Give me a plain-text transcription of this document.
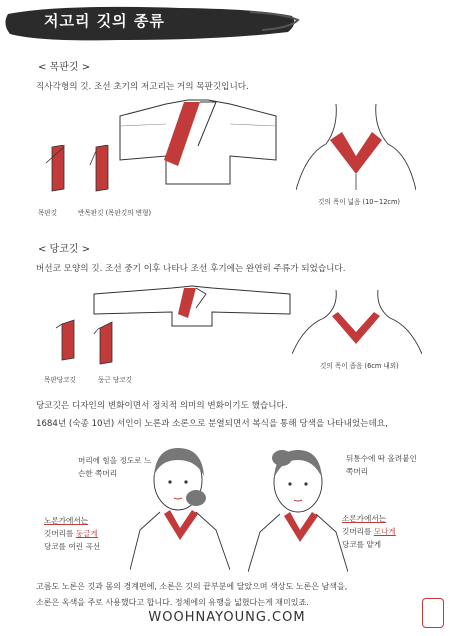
저고리 깃의 종류
< 목판깃 >
직사각형의 깃. 조선 초기의 저고리는 거의 목판깃입니다.
목판깃	반목판깃 (목판깃의 변형)
깃의 폭이 넓음 (10~12cm)
< 당코깃 >
버선코 모양의 깃. 조선 중기 이후 나타나 조선 후기에는 완연히 주류가 되었습니다.
목판당코깃	둥근 당코깃
깃의 폭이 좁음 (6cm 내외)
당코깃은 디자인의 변화이면서 정치적 의미의 변화이기도 했습니다.
1684년 (숙종 10년) 서인이 노론과 소론으로 분열되면서 복식을 통해 당색을 나타내었는데요,
머리에 힘을 정도로 느슨한 쪽머리
노론가에서는
깃머리를 둥글게
당코를 여린 곡선
뒤통수에 딱 올려붙인 쪽머리
소론가에서는
깃머리를 모나게
당코를 얕게
고름도 노론은 깃과 몸의 경계편에, 소론은 깃의 끝부분에 달았으며 색상도 노론은 남색을,
소론은 옥색을 주로 사용했다고 합니다. 정체에의 유행을 넓혔다는게 재미있죠.
WOOHNAYOUNG.COM
